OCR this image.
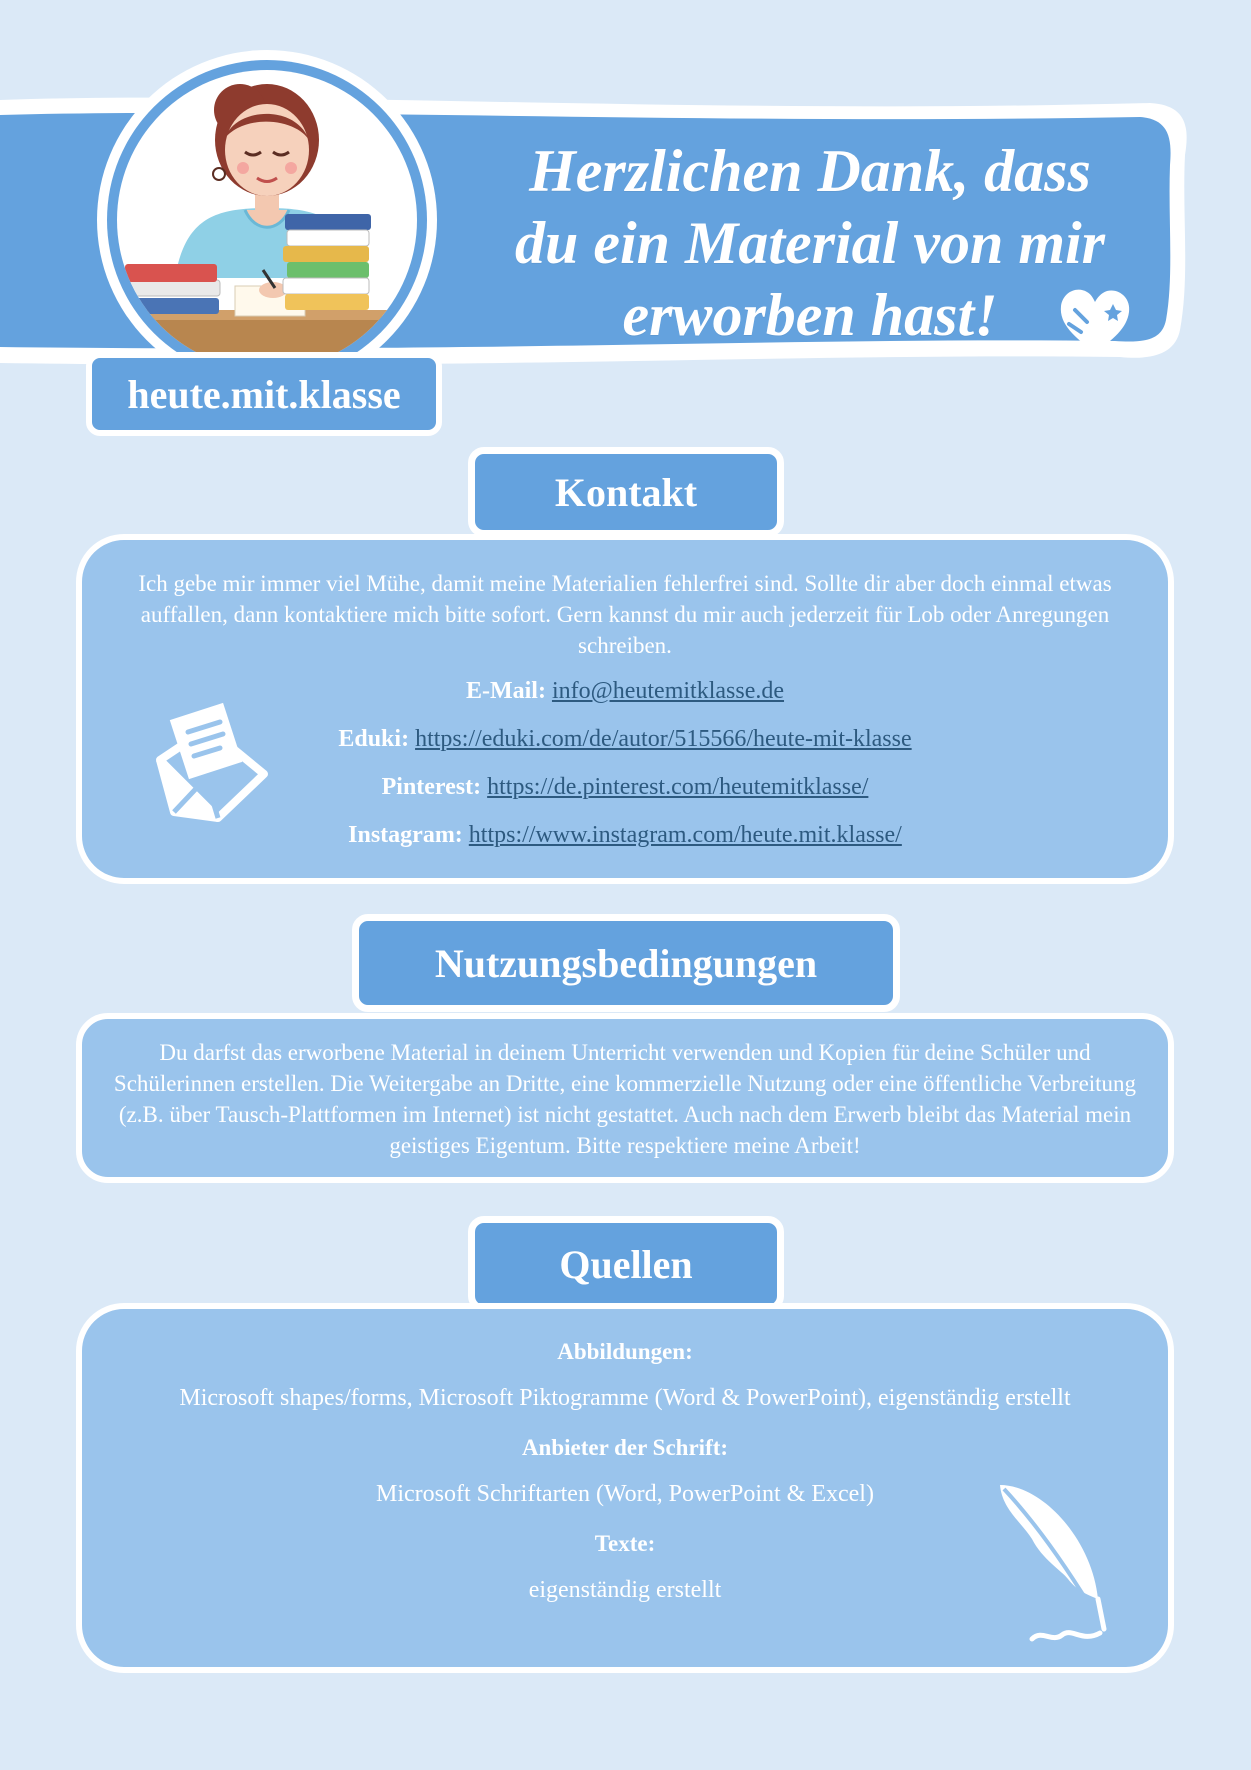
Herzlichen Dank, dass
du ein Material von mir
erworben hast!
heute.mit.klasse
Kontakt

Ich gebe mir immer viel Mühe, damit meine Materialien fehlerfrei sind. Sollte dir aber doch einmal etwas auffallen, dann kontaktiere mich bitte sofort. Gern kannst du mir auch jederzeit für Lob oder Anregungen schreiben.

E-Mail: info@heutemitklasse.de

Eduki: https://eduki.com/de/autor/515566/heute-mit-klasse

Pinterest: https://de.pinterest.com/heutemitklasse/

Instagram: https://www.instagram.com/heute.mit.klasse/

Nutzungsbedingungen

Du darfst das erworbene Material in deinem Unterricht verwenden und Kopien für deine Schüler und Schülerinnen erstellen. Die Weitergabe an Dritte, eine kommerzielle Nutzung oder eine öffentliche Verbreitung (z.B. über Tausch-Plattformen im Internet) ist nicht gestattet. Auch nach dem Erwerb bleibt das Material mein geistiges Eigentum. Bitte respektiere meine Arbeit!

Quellen
Abbildungen:
Microsoft shapes/forms, Microsoft Piktogramme (Word & PowerPoint), eigenständig erstellt
Anbieter der Schrift:
Microsoft Schriftarten (Word, PowerPoint & Excel)
Texte:
eigenständig erstellt
